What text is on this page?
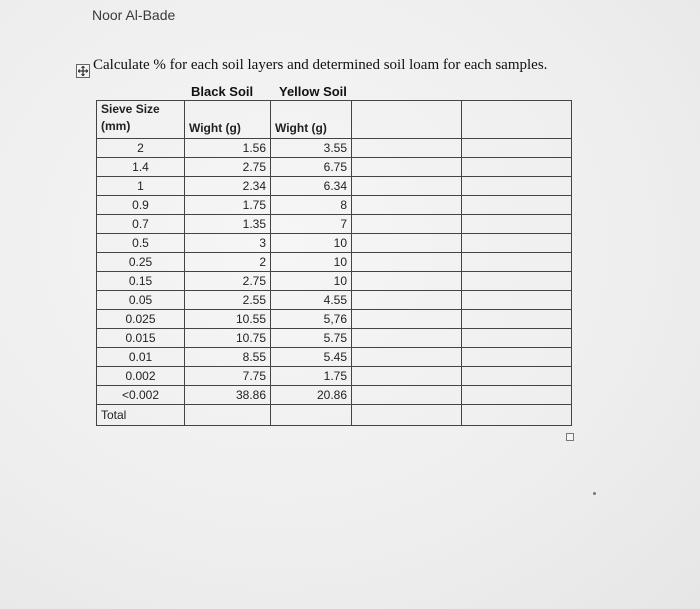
Noor Al-Bade
Calculate % for each soil layers and determined soil loam for each samples.
Black Soil Yellow Soil
Sieve Size
(mm)	Wight (g)	Wight (g)		
2	1.56	3.55		
1.4	2.75	6.75		
1	2.34	6.34		
0.9	1.75	8		
0.7	1.35	7		
0.5	3	10		
0.25	2	10		
0.15	2.75	10		
0.05	2.55	4.55		
0.025	10.55	5,76		
0.015	10.75	5.75		
0.01	8.55	5.45		
0.002	7.75	1.75		
<0.002	38.86	20.86		
Total				
